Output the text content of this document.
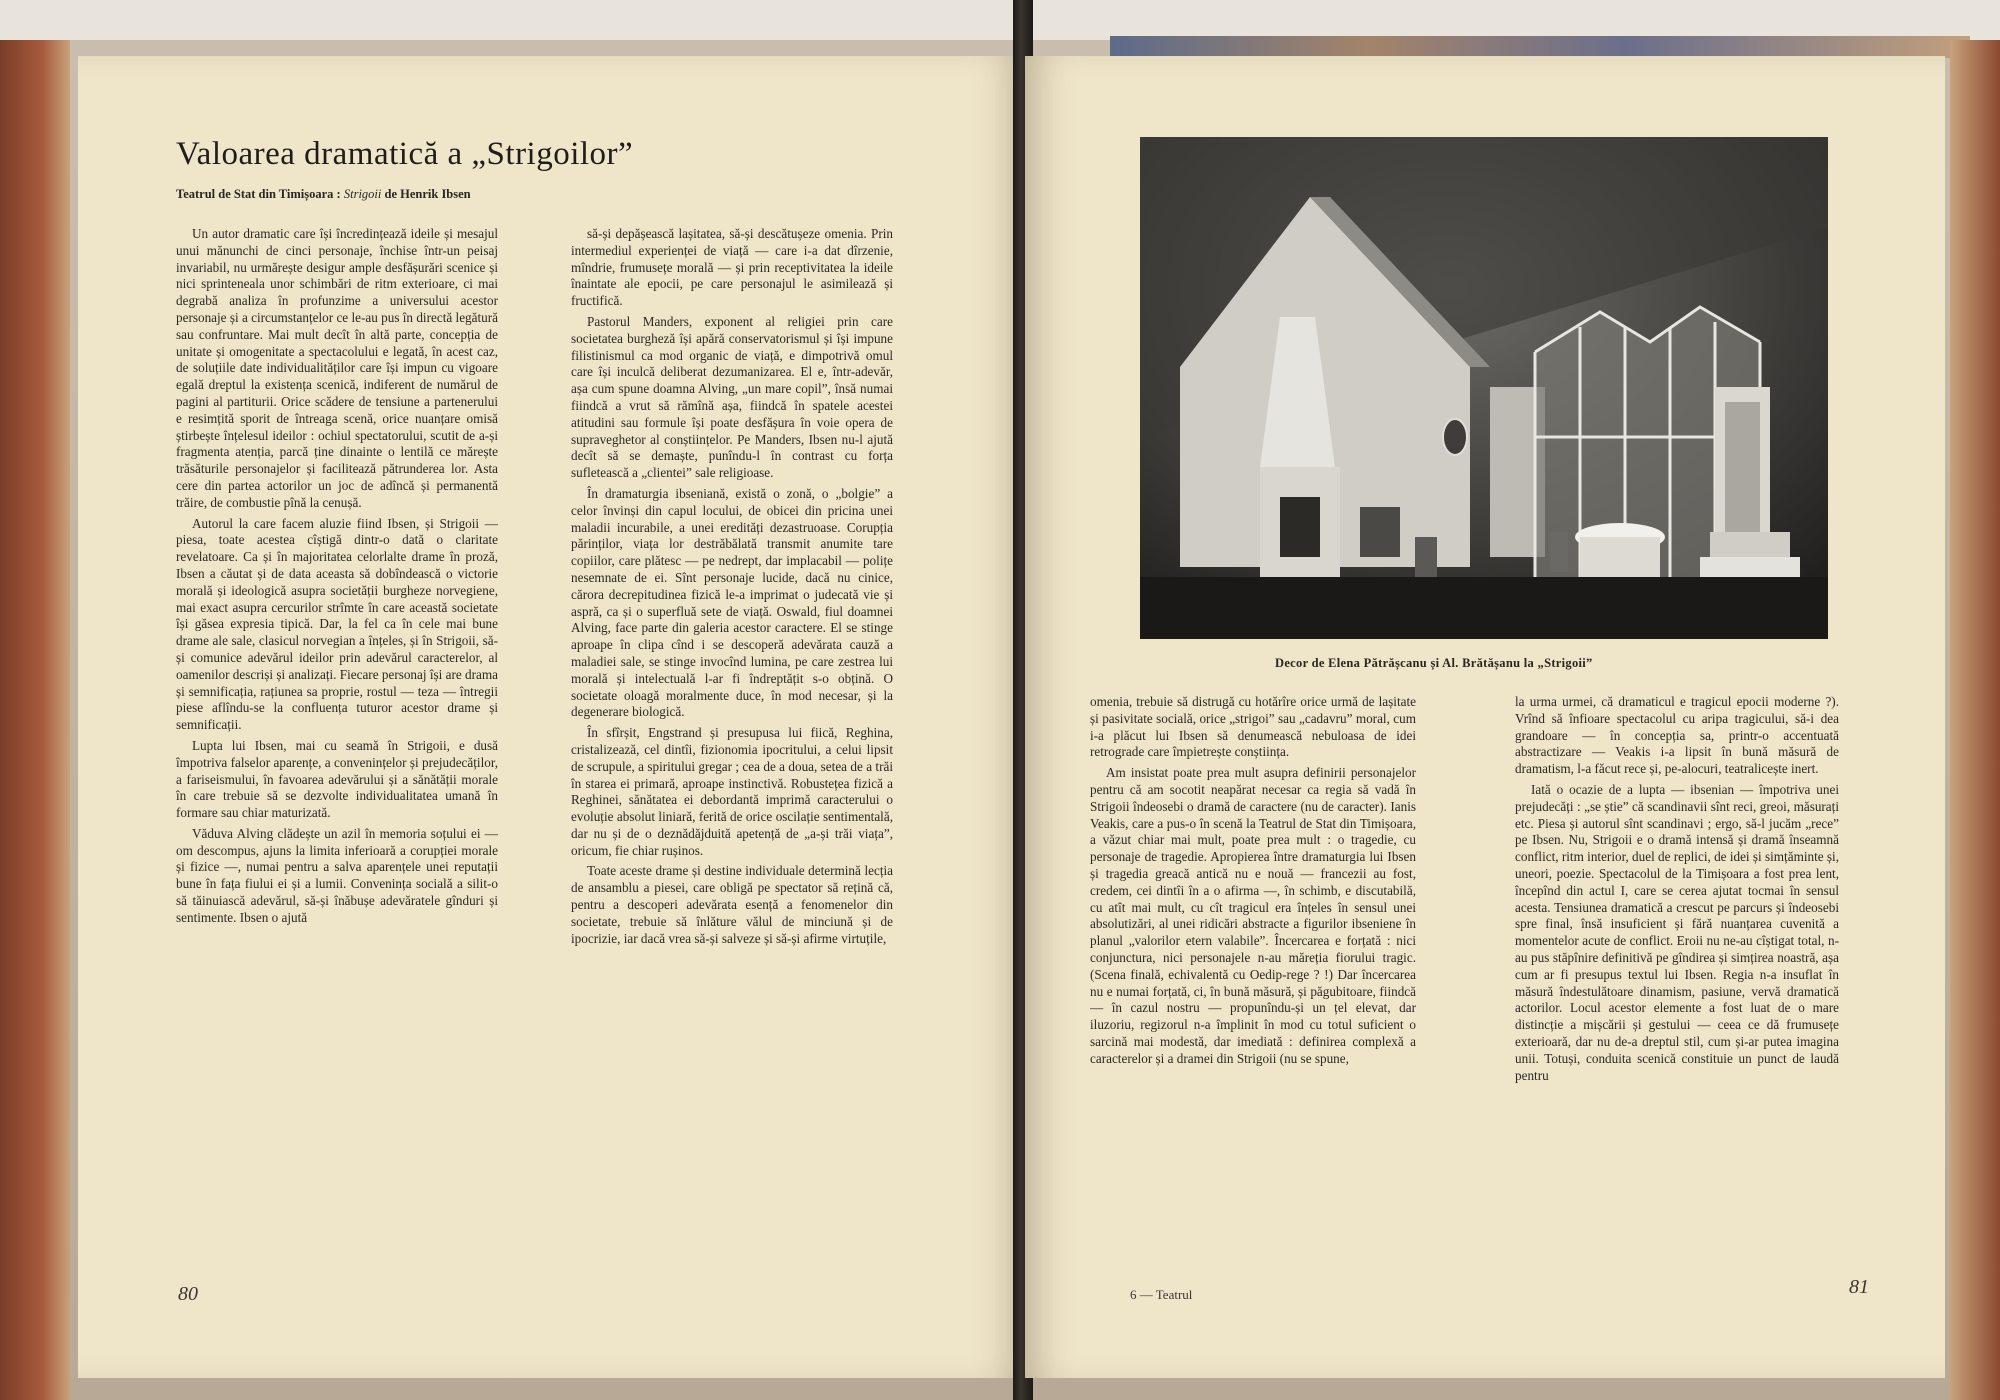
Valoarea dramatică a „Strigoilor”
Teatrul de Stat din Timișoara : Strigoii de Henrik Ibsen

Un autor dramatic care își încredințează ideile și mesajul unui mănunchi de cinci personaje, închise într-un peisaj invariabil, nu urmărește desigur ample desfășurări scenice și nici sprinteneala unor schimbări de ritm exterioare, ci mai degrabă analiza în profunzime a universului acestor personaje și a circumstanțelor ce le-au pus în directă legătură sau confruntare. Mai mult decît în altă parte, concepția de unitate și omogenitate a spectacolului e legată, în acest caz, de soluțiile date individualităților care își impun cu vigoare egală dreptul la existența scenică, indiferent de numărul de pagini al partiturii. Orice scădere de tensiune a partenerului e resimțită sporit de întreaga scenă, orice nuanțare omisă știrbește înțelesul ideilor : ochiul spectatorului, scutit de a-și fragmenta atenția, parcă ține dinainte o lentilă ce mărește trăsăturile personajelor și facilitează pătrunderea lor. Asta cere din partea actorilor un joc de adîncă și permanentă trăire, de combustie pînă la cenușă.

Autorul la care facem aluzie fiind Ibsen, și Strigoii — piesa, toate acestea cîștigă dintr-o dată o claritate revelatoare. Ca și în majoritatea celorlalte drame în proză, Ibsen a căutat și de data aceasta să dobîndească o victorie morală și ideologică asupra societății burgheze norvegiene, mai exact asupra cercurilor strîmte în care această societate își găsea expresia tipică. Dar, la fel ca în cele mai bune drame ale sale, clasicul norvegian a înțeles, și în Strigoii, să-și comunice adevărul ideilor prin adevărul caracterelor, al oamenilor descriși și analizați. Fiecare personaj își are drama și semnificația, rațiunea sa proprie, rostul — teza — întregii piese aflîndu-se la confluența tuturor acestor drame și semnificații.

Lupta lui Ibsen, mai cu seamă în Strigoii, e dusă împotriva falselor aparențe, a convenințelor și prejudecăților, a fariseismului, în favoarea adevărului și a sănătății morale în care trebuie să se dezvolte individualitatea umană în formare sau chiar maturizată.

Văduva Alving clădește un azil în memoria soțului ei — om descompus, ajuns la limita inferioară a corupției morale și fizice —, numai pentru a salva aparențele unei reputații bune în fața fiului ei și a lumii. Convenința socială a silit-o să tăinuiască adevărul, să-și înăbușe adevăratele gînduri și sentimente. Ibsen o ajută

să-și depășească lașitatea, să-și descătușeze omenia. Prin intermediul experienței de viață — care i-a dat dîrzenie, mîndrie, frumusețe morală — și prin receptivitatea la ideile înaintate ale epocii, pe care personajul le asimilează și fructifică.

Pastorul Manders, exponent al religiei prin care societatea burgheză își apără conservatorismul și își impune filistinismul ca mod organic de viață, e dimpotrivă omul care își inculcă deliberat dezumanizarea. El e, într-adevăr, așa cum spune doamna Alving, „un mare copil”, însă numai fiindcă a vrut să rămînă așa, fiindcă în spatele acestei atitudini sau formule își poate desfășura în voie opera de supraveghetor al conștiințelor. Pe Manders, Ibsen nu-l ajută decît să se demaște, punîndu-l în contrast cu forța sufletească a „clientei” sale religioase.

În dramaturgia ibseniană, există o zonă, o „bolgie” a celor învinși din capul locului, de obicei din pricina unei maladii incurabile, a unei eredități dezastruoase. Corupția părinților, viața lor destrăbălată transmit anumite tare copiilor, care plătesc — pe nedrept, dar implacabil — polițe nesemnate de ei. Sînt personaje lucide, dacă nu cinice, cărora decrepitudinea fizică le-a imprimat o judecată vie și aspră, ca și o superfluă sete de viață. Oswald, fiul doamnei Alving, face parte din galeria acestor caractere. El se stinge aproape în clipa cînd i se descoperă adevărata cauză a maladiei sale, se stinge invocînd lumina, pe care zestrea lui morală și intelectuală l-ar fi îndreptățit s-o obțină. O societate oloagă moralmente duce, în mod necesar, și la degenerare biologică.

În sfîrșit, Engstrand și presupusa lui fiică, Reghina, cristalizează, cel dintîi, fizionomia ipocritului, a celui lipsit de scrupule, a spiritului gregar ; cea de a doua, setea de a trăi în starea ei primară, aproape instinctivă. Robustețea fizică a Reghinei, sănătatea ei debordantă imprimă caracterului o evoluție absolut liniară, ferită de orice oscilație sentimentală, dar nu și de o deznădăjduită apetență de „a-și trăi viața”, oricum, fie chiar rușinos.

Toate aceste drame și destine individuale determină lecția de ansamblu a piesei, care obligă pe spectator să rețină că, pentru a descoperi adevărata esență a fenomenelor din societate, trebuie să înlăture vălul de minciună și de ipocrizie, iar dacă vrea să-și salveze și să-și afirme virtuțile,

80
Decor de Elena Pătrășcanu și Al. Brătășanu la „Strigoii”

omenia, trebuie să distrugă cu hotărîre orice urmă de lașitate și pasivitate socială, orice „strigoi” sau „cadavru” moral, cum i-a plăcut lui Ibsen să denumească nebuloasa de idei retrograde care împietrește conștiința.

Am insistat poate prea mult asupra definirii personajelor pentru că am socotit neapărat necesar ca regia să vadă în Strigoii îndeosebi o dramă de caractere (nu de caracter). Ianis Veakis, care a pus-o în scenă la Teatrul de Stat din Timișoara, a văzut chiar mai mult, poate prea mult : o tragedie, cu personaje de tragedie. Apropierea între dramaturgia lui Ibsen și tragedia greacă antică nu e nouă — francezii au fost, credem, cei dintîi în a o afirma —, în schimb, e discutabilă, cu atît mai mult, cu cît tragicul era înțeles în sensul unei absolutizări, al unei ridicări abstracte a figurilor ibseniene în planul „valorilor etern valabile”. Încercarea e forțată : nici conjunctura, nici personajele n-au măreția fiorului tragic. (Scena finală, echivalentă cu Oedip-rege ? !) Dar încercarea nu e numai forțată, ci, în bună măsură, și păgubitoare, fiindcă — în cazul nostru — propunîndu-și un țel elevat, dar iluzoriu, regizorul n-a împlinit în mod cu totul suficient o sarcină mai modestă, dar imediată : definirea complexă a caracterelor și a dramei din Strigoii (nu se spune,

la urma urmei, că dramaticul e tragicul epocii moderne ?). Vrînd să înfioare spectacolul cu aripa tragicului, să-i dea grandoare — în concepția sa, printr-o accentuată abstractizare — Veakis i-a lipsit în bună măsură de dramatism, l-a făcut rece și, pe-alocuri, teatralicește inert.

Iată o ocazie de a lupta — ibsenian — împotriva unei prejudecăți : „se știe” că scandinavii sînt reci, greoi, măsurați etc. Piesa și autorul sînt scandinavi ; ergo, să-l jucăm „rece” pe Ibsen. Nu, Strigoii e o dramă intensă și dramă înseamnă conflict, ritm interior, duel de replici, de idei și simțăminte și, uneori, poezie. Spectacolul de la Timișoara a fost prea lent, începînd din actul I, care se cerea ajutat tocmai în sensul acesta. Tensiunea dramatică a crescut pe parcurs și îndeosebi spre final, însă insuficient și fără nuanțarea cuvenită a momentelor acute de conflict. Eroii nu ne-au cîștigat total, n-au pus stăpînire definitivă pe gîndirea și simțirea noastră, așa cum ar fi presupus textul lui Ibsen. Regia n-a insuflat în măsură îndestulătoare dinamism, pasiune, vervă dramatică actorilor. Locul acestor elemente a fost luat de o mare distincție a mișcării și gestului — ceea ce dă frumusețe exterioară, dar nu de-a dreptul stil, cum și-ar putea imagina unii. Totuși, conduita scenică constituie un punct de laudă pentru

6 — Teatrul	81
